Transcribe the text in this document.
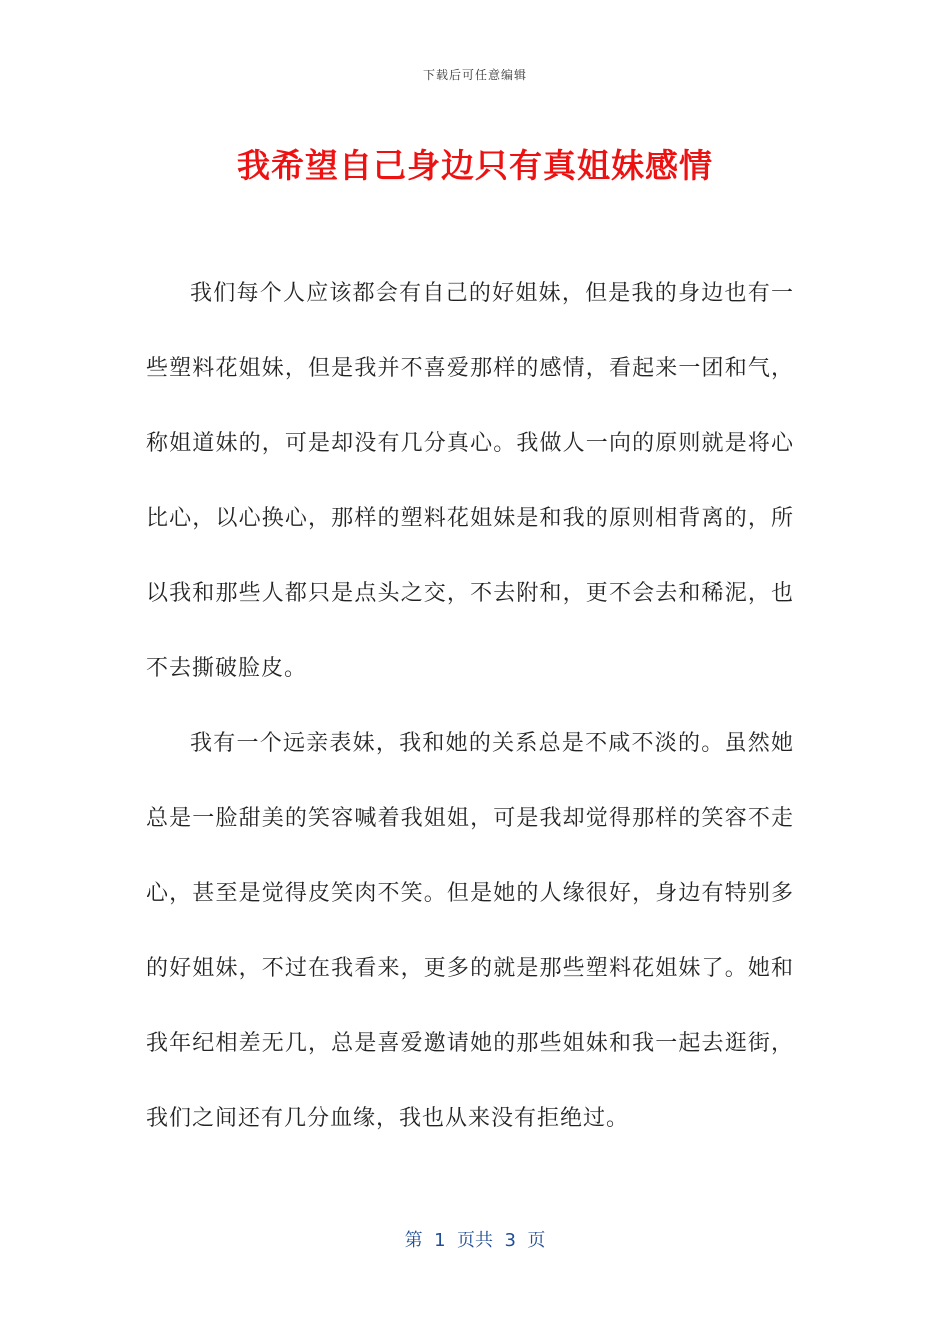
下载后可任意编辑
我希望自己身边只有真姐妹感情

我们每个人应该都会有自己的好姐妹，但是我的身边也有一些塑料花姐妹，但是我并不喜爱那样的感情，看起来一团和气，称姐道妹的，可是却没有几分真心。我做人一向的原则就是将心比心，以心换心，那样的塑料花姐妹是和我的原则相背离的，所以我和那些人都只是点头之交，不去附和，更不会去和稀泥，也不去撕破脸皮。

我有一个远亲表妹，我和她的关系总是不咸不淡的。虽然她总是一脸甜美的笑容喊着我姐姐，可是我却觉得那样的笑容不走心，甚至是觉得皮笑肉不笑。但是她的人缘很好，身边有特别多的好姐妹，不过在我看来，更多的就是那些塑料花姐妹了。她和我年纪相差无几，总是喜爱邀请她的那些姐妹和我一起去逛街，我们之间还有几分血缘，我也从来没有拒绝过。

第  1  页共  3  页
